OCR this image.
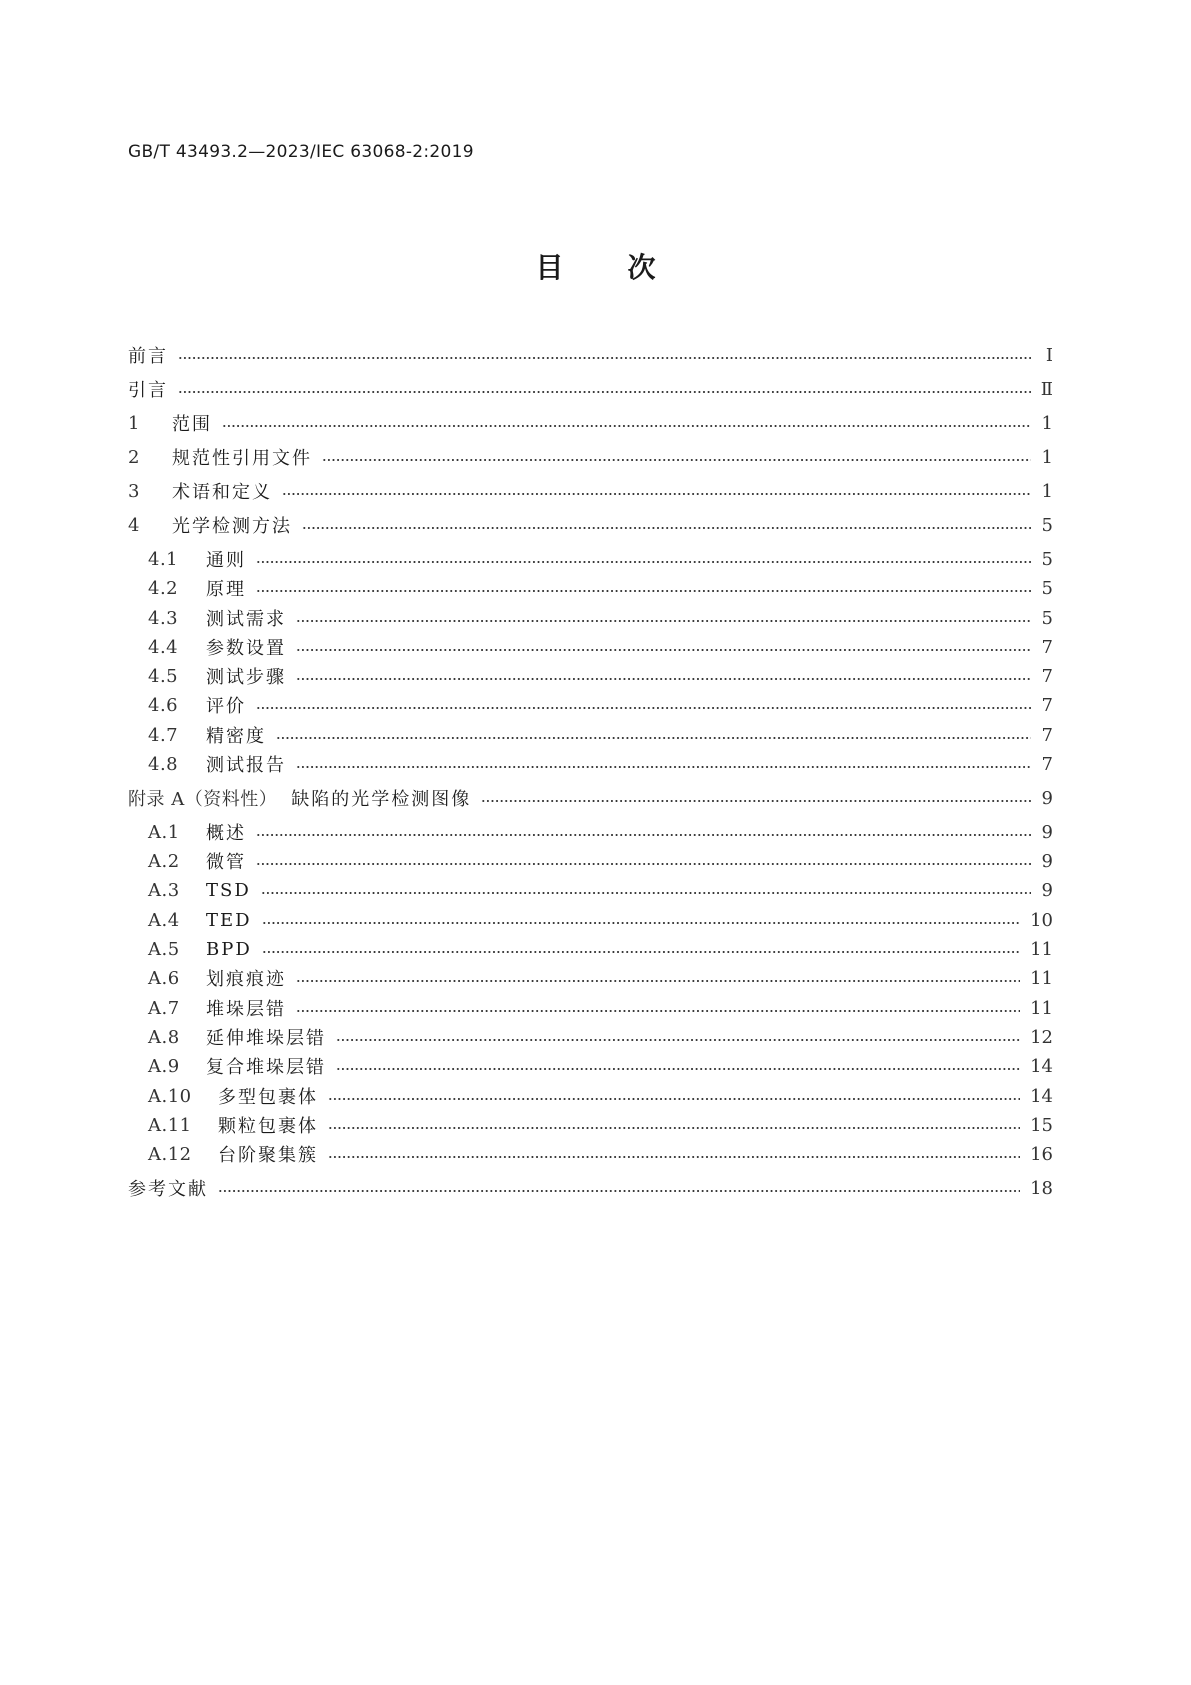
GB/T 43493.2—2023/IEC 63068-2:2019
目次
前言	Ⅰ
引言	Ⅱ
1	范围	1
2	规范性引用文件	1
3	术语和定义	1
4	光学检测方法	5
4.1	通则	5
4.2	原理	5
4.3	测试需求	5
4.4	参数设置	7
4.5	测试步骤	7
4.6	评价	7
4.7	精密度	7
4.8	测试报告	7
附录 A（资料性） 缺陷的光学检测图像	9
A.1	概述	9
A.2	微管	9
A.3	TSD	9
A.4	TED	10
A.5	BPD	11
A.6	划痕痕迹	11
A.7	堆垛层错	11
A.8	延伸堆垛层错	12
A.9	复合堆垛层错	14
A.10	多型包裹体	14
A.11	颗粒包裹体	15
A.12	台阶聚集簇	16
参考文献	18
